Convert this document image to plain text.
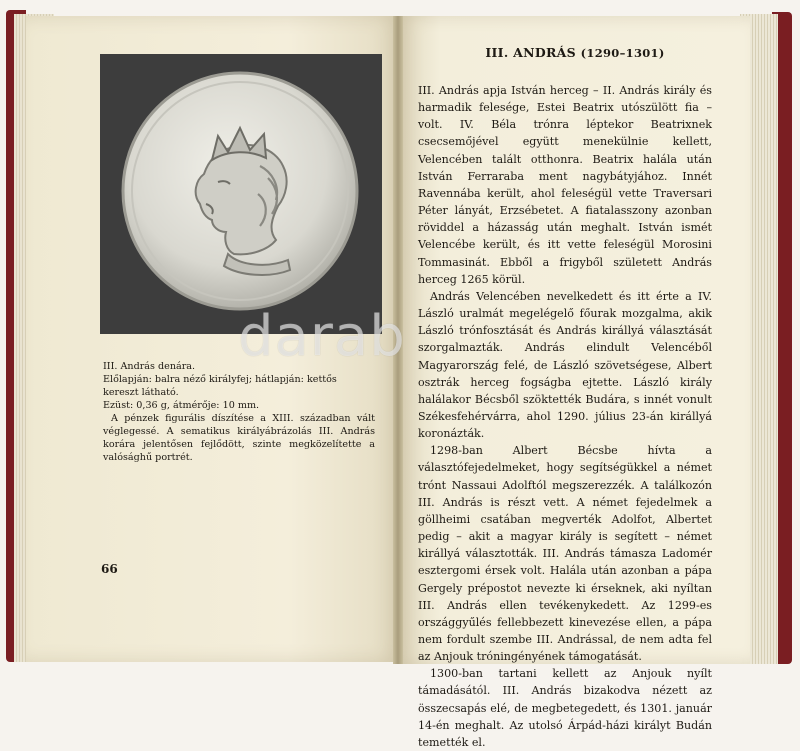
III. András denára.

Előlapján: balra néző királyfej; hátlapján: kettős kereszt látható.

Ezüst: 0,36 g, átmérője: 10 mm.

A pénzek figurális díszítése a XIII. században vált véglegessé. A sematikus királyábrázolás III. András korára jelentősen fejlődött, szinte megközelítette a valósághű portrét.

66
III. ANDRÁS (1290–1301)

III. András apja István herceg – II. András király és harmadik felesége, Estei Beatrix utószülött fia – volt. IV. Béla trónra léptekor Beatrixnek csecsemőjével együtt menekülnie kellett, Velencében talált otthonra. Beatrix halála után István Ferraraba ment nagybátyjához. Innét Ravennába került, ahol feleségül vette Traversari Péter lányát, Erzsébetet. A fiatalasszony azonban röviddel a házasság után meghalt. István ismét Velencébe került, és itt vette feleségül Morosini Tommasinát. Ebből a frigyből született András herceg 1265 körül.

András Velencében nevelkedett és itt érte a IV. László uralmát megelégelő főurak mozgalma, akik László trónfosztását és András királlyá választását szorgalmazták. András elindult Velencéből Magyarország felé, de László szövetségese, Albert osztrák herceg fogságba ejtette. László király halálakor Bécsből szöktették Budára, s innét vonult Székesfehérvárra, ahol 1290. július 23-án királlyá koronázták.

1298-ban Albert Bécsbe hívta a választófejedelmeket, hogy segítségükkel a német trónt Nassaui Adolftól megszerezzék. A találkozón III. András is részt vett. A német fejedelmek a göllheimi csatában megverték Adolfot, Albertet pedig – akit a magyar király is segített – német királlyá választották. III. András támasza Ladomér esztergomi érsek volt. Halála után azonban a pápa Gergely prépostot nevezte ki érseknek, aki nyíltan III. András ellen tevékenykedett. Az 1299-es országgyűlés fellebbezett kinevezése ellen, a pápa nem fordult szembe III. Andrással, de nem adta fel az Anjouk tróningényének támogatását.

1300-ban tartani kellett az Anjouk nyílt támadásától. III. András bizakodva nézett az összecsapás elé, de megbetegedett, és 1301. január 14-én meghalt. Az utolsó Árpád-házi királyt Budán temették el.

darab
